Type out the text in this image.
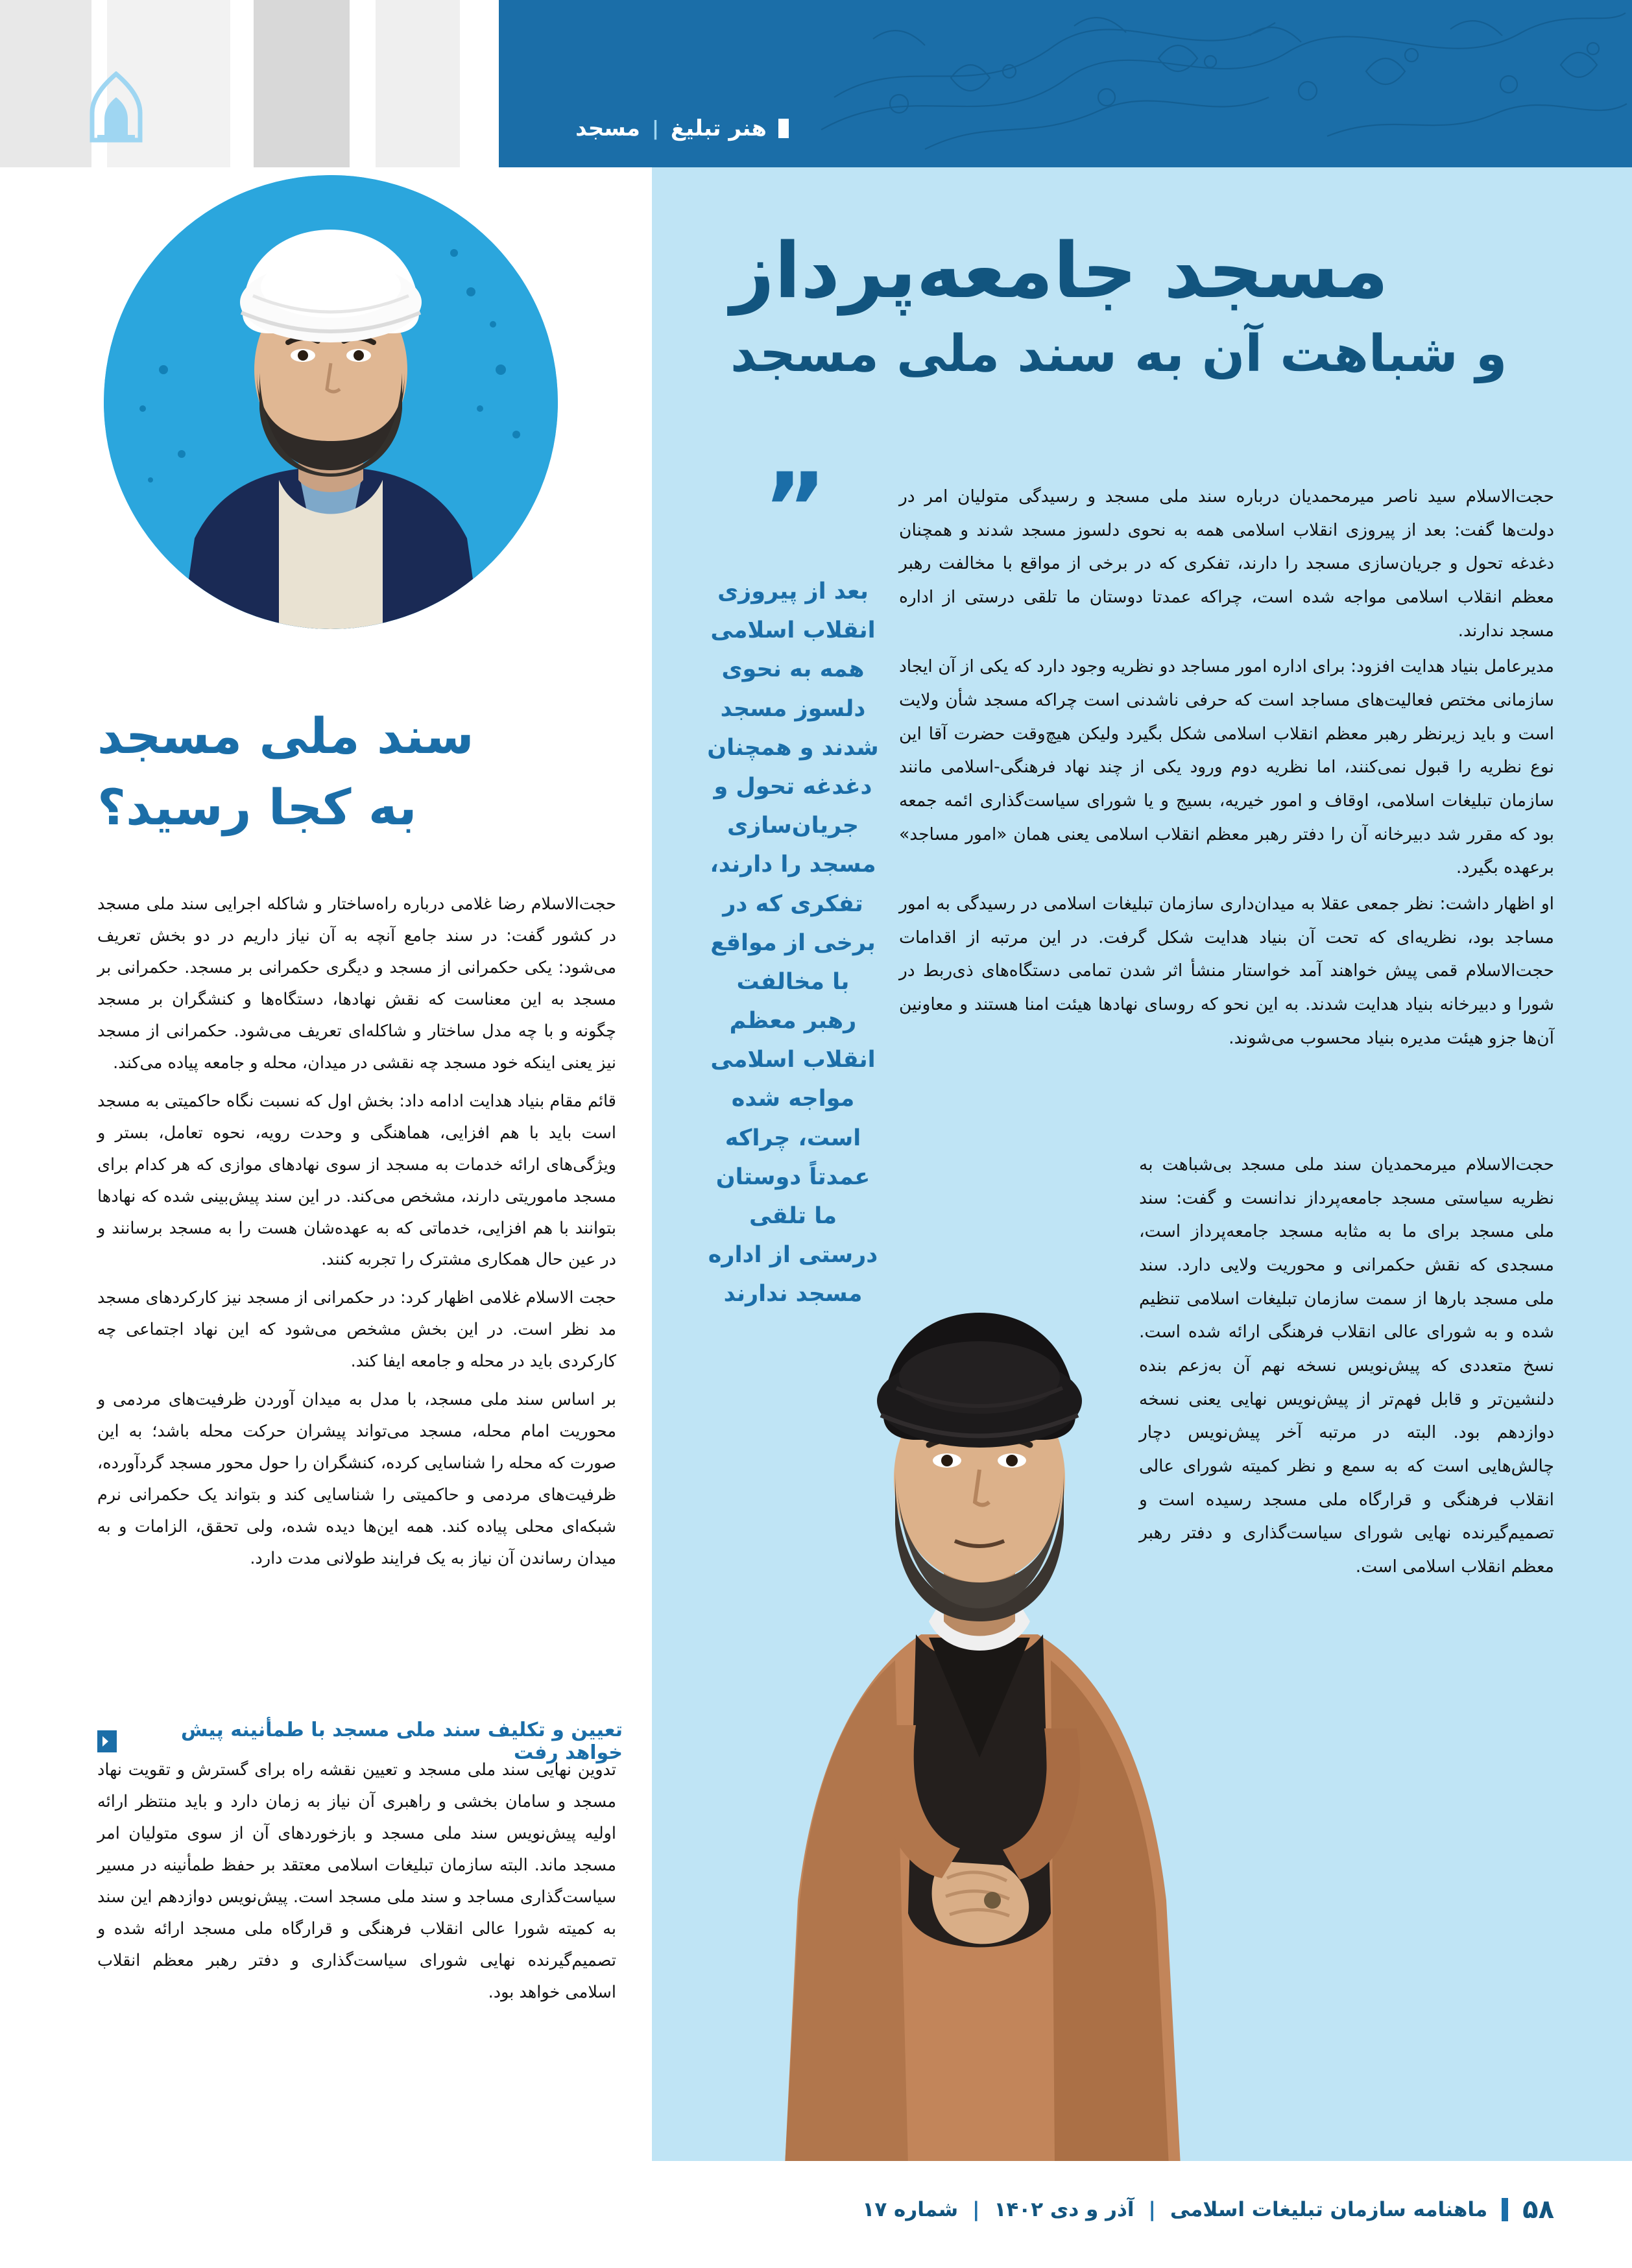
هنر تبلیغ
|
مسجد
سند ملی مسجد
به کجا رسید؟

حجت‌الاسلام رضا غلامی درباره راه‌ساختار و شاکله اجرایی سند ملی مسجد در کشور گفت: در سند جامع آنچه به آن نیاز داریم در دو بخش تعریف می‌شود: یکی حکمرانی از مسجد و دیگری حکمرانی بر مسجد. حکمرانی بر مسجد به این معناست که نقش نهادها، دستگاه‌ها و کنشگران بر مسجد چگونه و با چه مدل ساختار و شاکله‌ای تعریف می‌شود. حکمرانی از مسجد نیز یعنی اینکه خود مسجد چه نقشی در میدان، محله و جامعه پیاده می‌کند.

قائم مقام بنیاد هدایت ادامه داد: بخش اول که نسبت نگاه حاکمیتی به مسجد است باید با هم افزایی، هماهنگی و وحدت رویه، نحوه تعامل، بستر و ویژگی‌های ارائه خدمات به مسجد از سوی نهادهای موازی که هر کدام برای مسجد ماموریتی دارند، مشخص می‌کند. در این سند پیش‌بینی شده که نهادها بتوانند با هم افزایی، خدماتی که به عهده‌شان هست را به مسجد برسانند و در عین حال همکاری مشترک را تجربه کنند.

حجت الاسلام غلامی اظهار کرد: در حکمرانی از مسجد نیز کارکردهای مسجد مد نظر است. در این بخش مشخص می‌شود که این نهاد اجتماعی چه کارکردی باید در محله و جامعه ایفا کند.

بر اساس سند ملی مسجد، با مدل به میدان آوردن ظرفیت‌های مردمی و محوریت امام محله، مسجد می‌تواند پیشران حرکت محله باشد؛ به این صورت که محله را شناسایی کرده، کنشگران را حول محور مسجد گردآورده، ظرفیت‌های مردمی و حاکمیتی را شناسایی کند و بتواند یک حکمرانی نرم شبکه‌ای محلی پیاده کند. همه این‌ها دیده شده، ولی تحقق، الزامات و به میدان رساندن آن نیاز به یک فرایند طولانی مدت دارد.

تعیین و تکلیف سند ملی مسجد با طمأنینه پیش خواهد رفت

تدوین نهایی سند ملی مسجد و تعیین نقشه راه برای گسترش و تقویت نهاد مسجد و سامان بخشی و راهبری آن نیاز به زمان دارد و باید منتظر ارائه اولیه پیش‌نویس سند ملی مسجد و بازخوردهای آن از سوی متولیان امر مسجد ماند. البته سازمان تبلیغات اسلامی معتقد بر حفظ طمأنینه در مسیر سیاست‌گذاری مساجد و سند ملی مسجد است. پیش‌نویس دوازدهم این سند به کمیته شورا عالی انقلاب فرهنگی و قرارگاه ملی مسجد ارائه شده و تصمیم‌گیرنده نهایی شورای سیاست‌گذاری و دفتر رهبر معظم انقلاب اسلامی خواهد بود.

مسجد جامعه‌پرداز
و شباهت آن به سند ملی مسجد
”
بعد از پیروزی انقلاب اسلامی همه به نحوی دلسوز مسجد شدند و همچنان دغدغه تحول و جریان‌سازی مسجد را دارند، تفکری که در برخی از مواقع با مخالفت رهبر معظم انقلاب اسلامی مواجه شده است، چراکه عمدتاً دوستان ما تلقی درستی از اداره مسجد ندارند

حجت‌الاسلام سید ناصر میرمحمدیان درباره سند ملی مسجد و رسیدگی متولیان امر در دولت‌ها گفت: بعد از پیروزی انقلاب اسلامی همه به نحوی دلسوز مسجد شدند و همچنان دغدغه تحول و جریان‌سازی مسجد را دارند، تفکری که در برخی از مواقع با مخالفت رهبر معظم انقلاب اسلامی مواجه شده است، چراکه عمدتا دوستان ما تلقی درستی از اداره مسجد ندارند.

مدیرعامل بنیاد هدایت افزود: برای اداره امور مساجد دو نظریه وجود دارد که یکی از آن ایجاد سازمانی مختص فعالیت‌های مساجد است که حرفی ناشدنی است چراکه مسجد شأن ولایت است و باید زیرنظر رهبر معظم انقلاب اسلامی شکل بگیرد ولیکن هیچ‌وقت حضرت آقا این نوع نظریه را قبول نمی‌کنند، اما نظریه دوم ورود یکی از چند نهاد فرهنگی-اسلامی مانند سازمان تبلیغات اسلامی، اوقاف و امور خیریه، بسیج و یا شورای سیاست‌گذاری ائمه جمعه بود که مقرر شد دبیرخانه آن را دفتر رهبر معظم انقلاب اسلامی یعنی همان «امور مساجد» برعهده بگیرد.

او اظهار داشت: نظر جمعی عقلا به میدان‌داری سازمان تبلیغات اسلامی در رسیدگی به امور مساجد بود، نظریه‌ای که تحت آن بنیاد هدایت شکل گرفت. در این مرتبه از اقدامات حجت‌الاسلام قمی پیش خواهند آمد خواستار منشأ اثر شدن تمامی دستگاه‌های ذی‌ربط در شورا و دبیرخانه بنیاد هدایت شدند. به این نحو که روسای نهادها هیئت امنا هستند و معاونین آن‌ها جزو هیئت مدیره بنیاد محسوب می‌شوند.

حجت‌الاسلام میرمحمدیان سند ملی مسجد بی‌شباهت به نظریه سیاستی مسجد جامعه‌پرداز ندانست و گفت: سند ملی مسجد برای ما به مثابه مسجد جامعه‌پرداز است، مسجدی که نقش حکمرانی و محوریت ولایی دارد. سند ملی مسجد بارها از سمت سازمان تبلیغات اسلامی تنظیم شده و به شورای عالی انقلاب فرهنگی ارائه شده است. نسخ متعددی که پیش‌نویس نسخه نهم آن به‌زعم بنده دلنشین‌تر و قابل فهم‌تر از پیش‌نویس نهایی یعنی نسخه دوازدهم بود. البته در مرتبه آخر پیش‌نویس دچار چالش‌هایی است که به سمع و نظر کمیته شورای عالی انقلاب فرهنگی و قرارگاه ملی مسجد رسیده است و تصمیم‌گیرنده نهایی شورای سیاست‌گذاری و دفتر رهبر معظم انقلاب اسلامی است.

۵۸
ماهنامه سازمان تبلیغات اسلامی
|
آذر و دی ۱۴۰۲
|
شماره ۱۷
